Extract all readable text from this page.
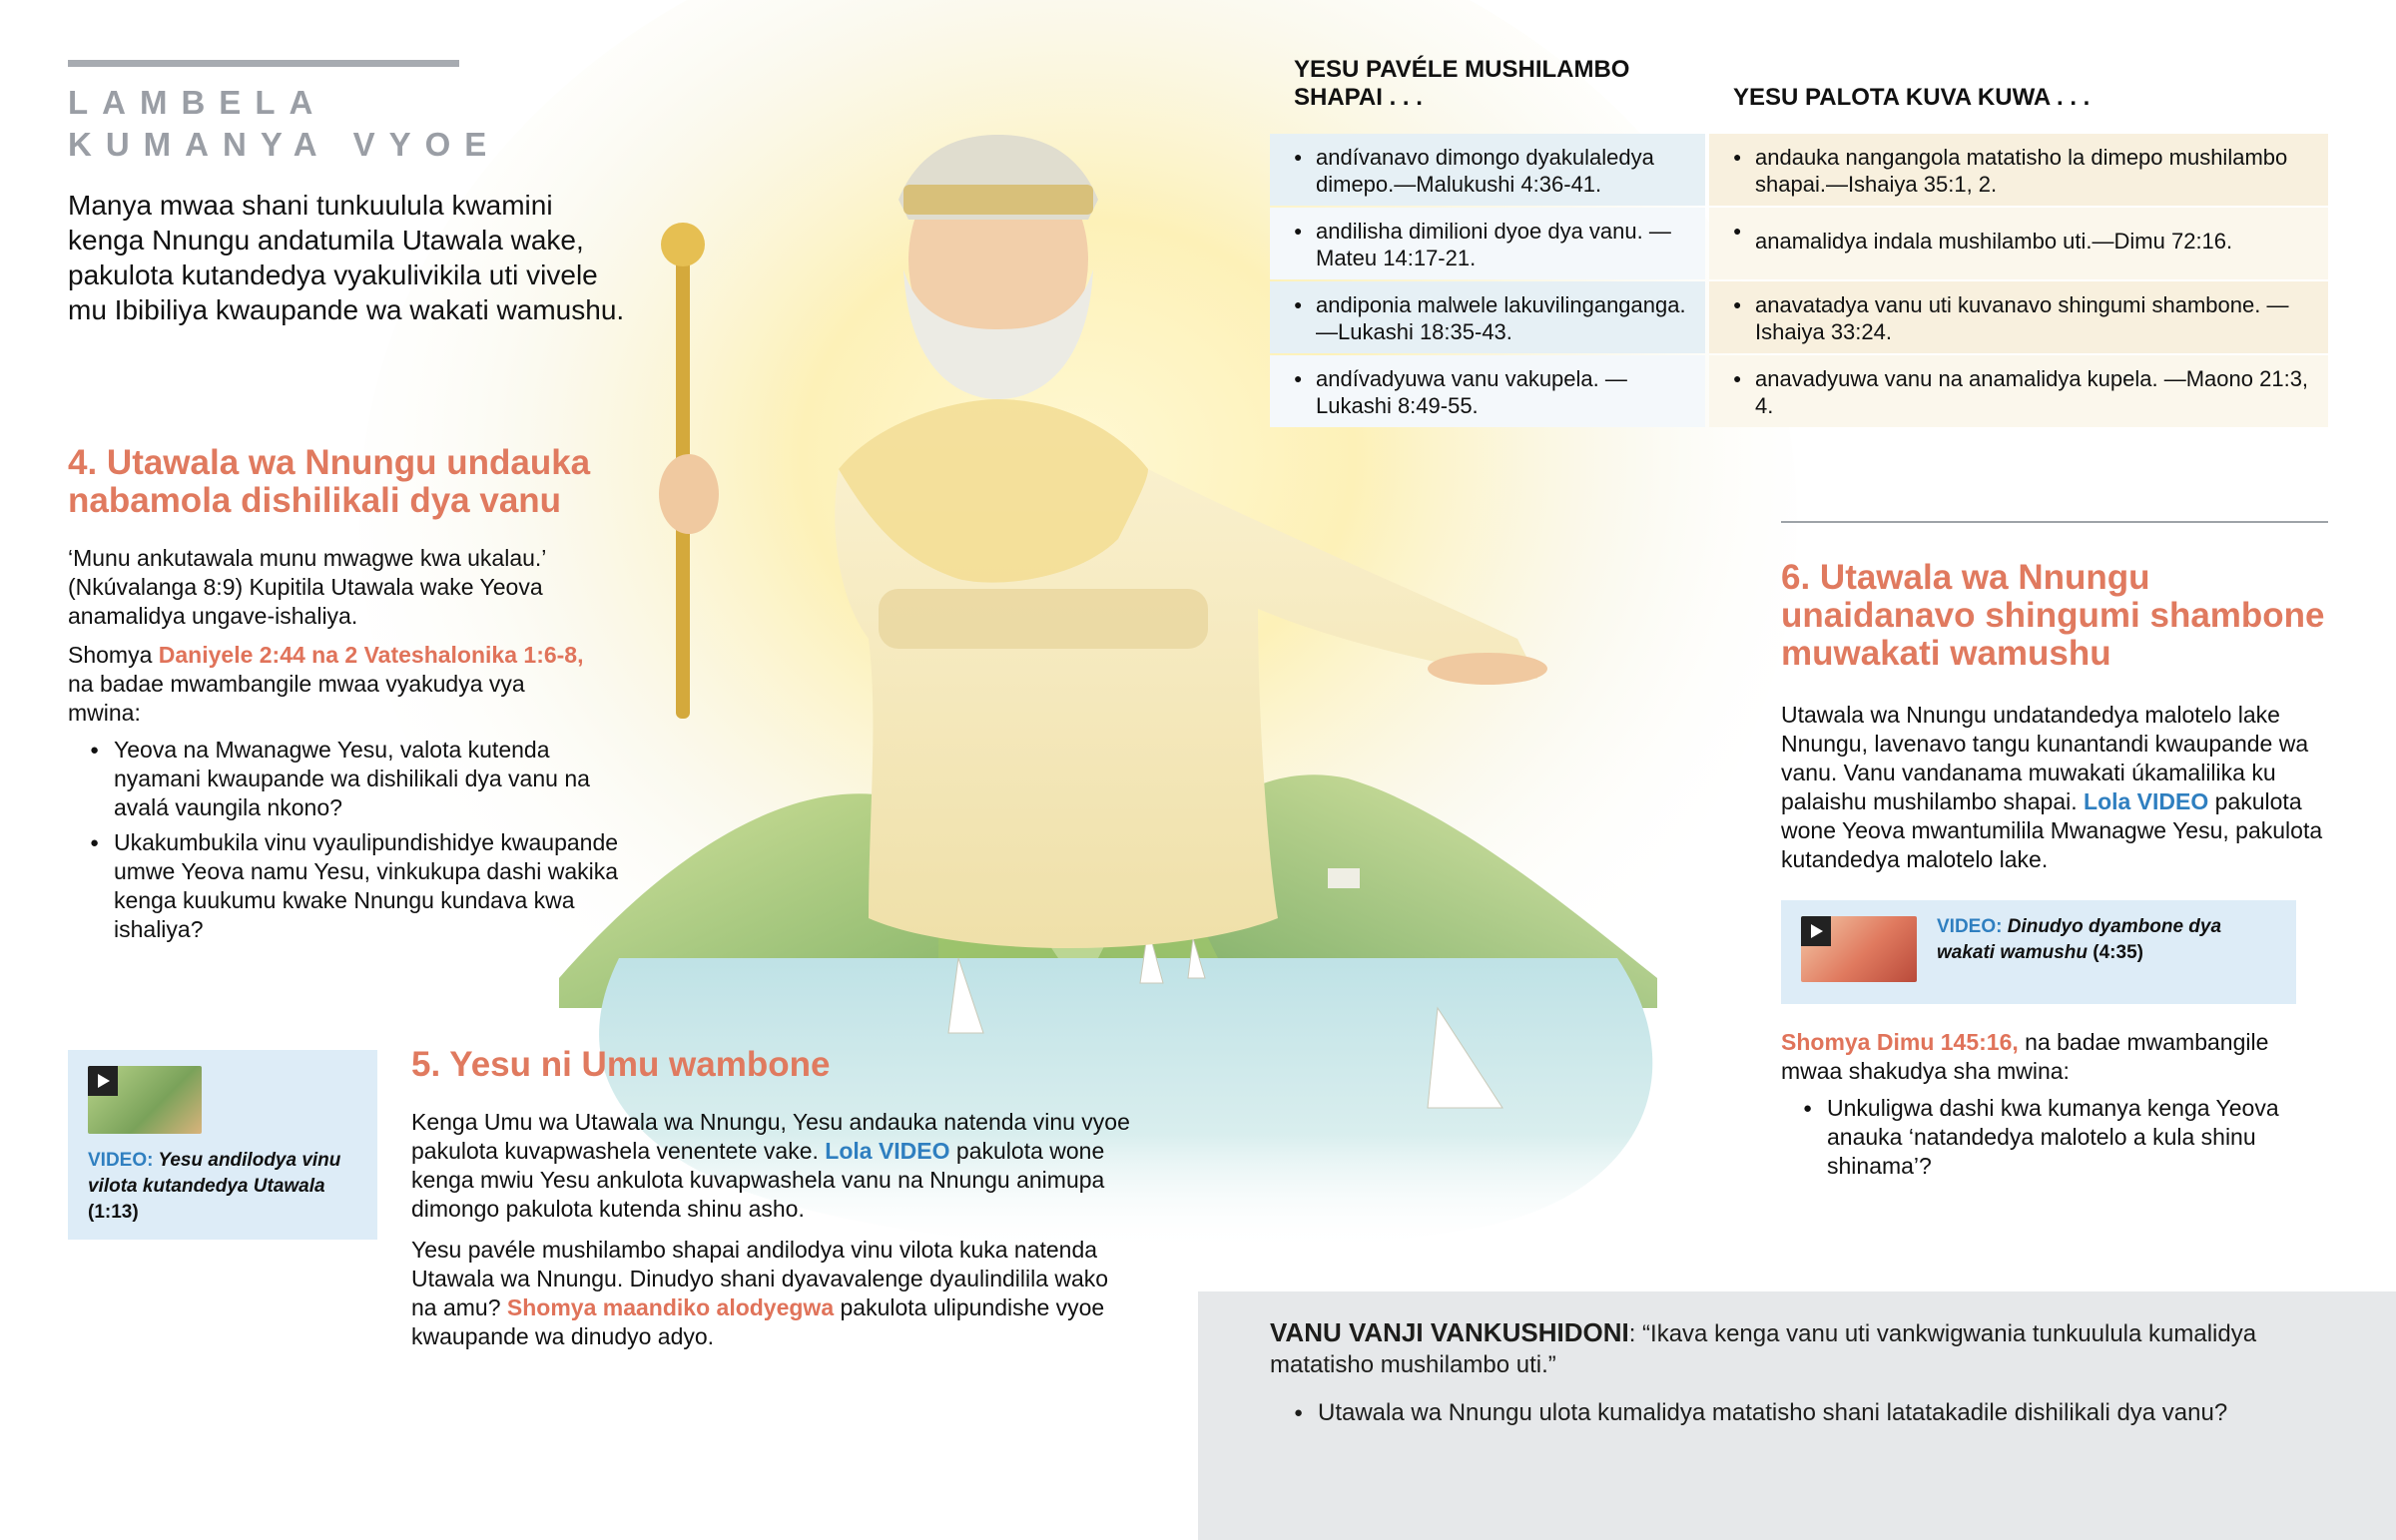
LAMBELA
KUMANYA VYOE

Manya mwaa shani tunkuulula kwamini kenga Nnungu andatumila Utawala wake, pakulota kutandedya vyakulivikila uti vivele mu Ibibiliya kwaupande wa wakati wamushu.

4. Utawala wa Nnungu undauka nabamola dishilikali dya vanu

‘Munu ankutawala munu mwagwe kwa ukalau.’ (Nkúvalanga 8:9) Kupitila Utawala wake Yeova anamalidya ungave-ishaliya.

Shomya Daniyele 2:44 na 2 Vateshalonika 1:6-8, na badae mwambangile mwaa vyakudya vya mwina:

● Yeova na Mwanagwe Yesu, valota kutenda nyamani kwaupande wa dishilikali dya vanu na avalá vaungila nkono?
● Ukakumbukila vinu vyaulipundishidye kwaupande umwe Yeova namu Yesu, vinkukupa dashi wakika kenga kuukumu kwake Nnungu kundava kwa ishaliya?
VIDEO: Yesu andilodya vinu vilota kutandedya Utawala (1:13)
5. Yesu ni Umu wambone

Kenga Umu wa Utawala wa Nnungu, Yesu andauka natenda vinu vyoe pakulota kuvapwashela venentete vake. Lola VIDEO pakulota wone kenga mwiu Yesu ankulota kuvapwashela vanu na Nnungu animupa dimongo pakulota kutenda shinu asho.

Yesu pavéle mushilambo shapai andilodya vinu vilota kuka natenda Utawala wa Nnungu. Dinudyo shani dyavavalenge dyaulindilila wako na amu? Shomya maandiko alodyegwa pakulota ulipundishe vyoe kwaupande wa dinudyo adyo.

YESU PAVÉLE MUSHILAMBO SHAPAI . . .	YESU PALOTA KUVA KUWA . . .
● andívanavo dimongo dyakulaledya dimepo.—Malukushi 4:36-41.
● andauka nangangola matatisho la dimepo mushilambo shapai.—Ishaiya 35:1, 2.
● andilisha dimilioni dyoe dya vanu. —Mateu 14:17-21.
● anamalidya indala mushilambo uti.—Dimu 72:16.
● andiponia malwele lakuvilinganganga. —Lukashi 18:35-43.
● anavatadya vanu uti kuvanavo shingumi shambone. —Ishaiya 33:24.
● andívadyuwa vanu vakupela. —Lukashi 8:49-55.
● anavadyuwa vanu na anamalidya kupela. —Maono 21:3, 4.
6. Utawala wa Nnungu unaidanavo shingumi shambone muwakati wamushu

Utawala wa Nnungu undatandedya malotelo lake Nnungu, lavenavo tangu kunantandi kwaupande wa vanu. Vanu vandanama muwakati úkamalilika ku palaishu mushilambo shapai. Lola VIDEO pakulota wone Yeova mwantumilila Mwanagwe Yesu, pakulota kutandedya malotelo lake.

VIDEO: Dinudyo dyambone dya wakati wamushu (4:35)

Shomya Dimu 145:16, na badae mwambangile mwaa shakudya sha mwina:

● Unkuligwa dashi kwa kumanya kenga Yeova anauka ‘natandedya malotelo a kula shinu shinama’?
VANU VANJI VANKUSHIDONI: “Ikava kenga vanu uti vankwigwania tunkuulula kumalidya matatisho mushilambo uti.”
● Utawala wa Nnungu ulota kumalidya matatisho shani latatakadile dishilikali dya vanu?
